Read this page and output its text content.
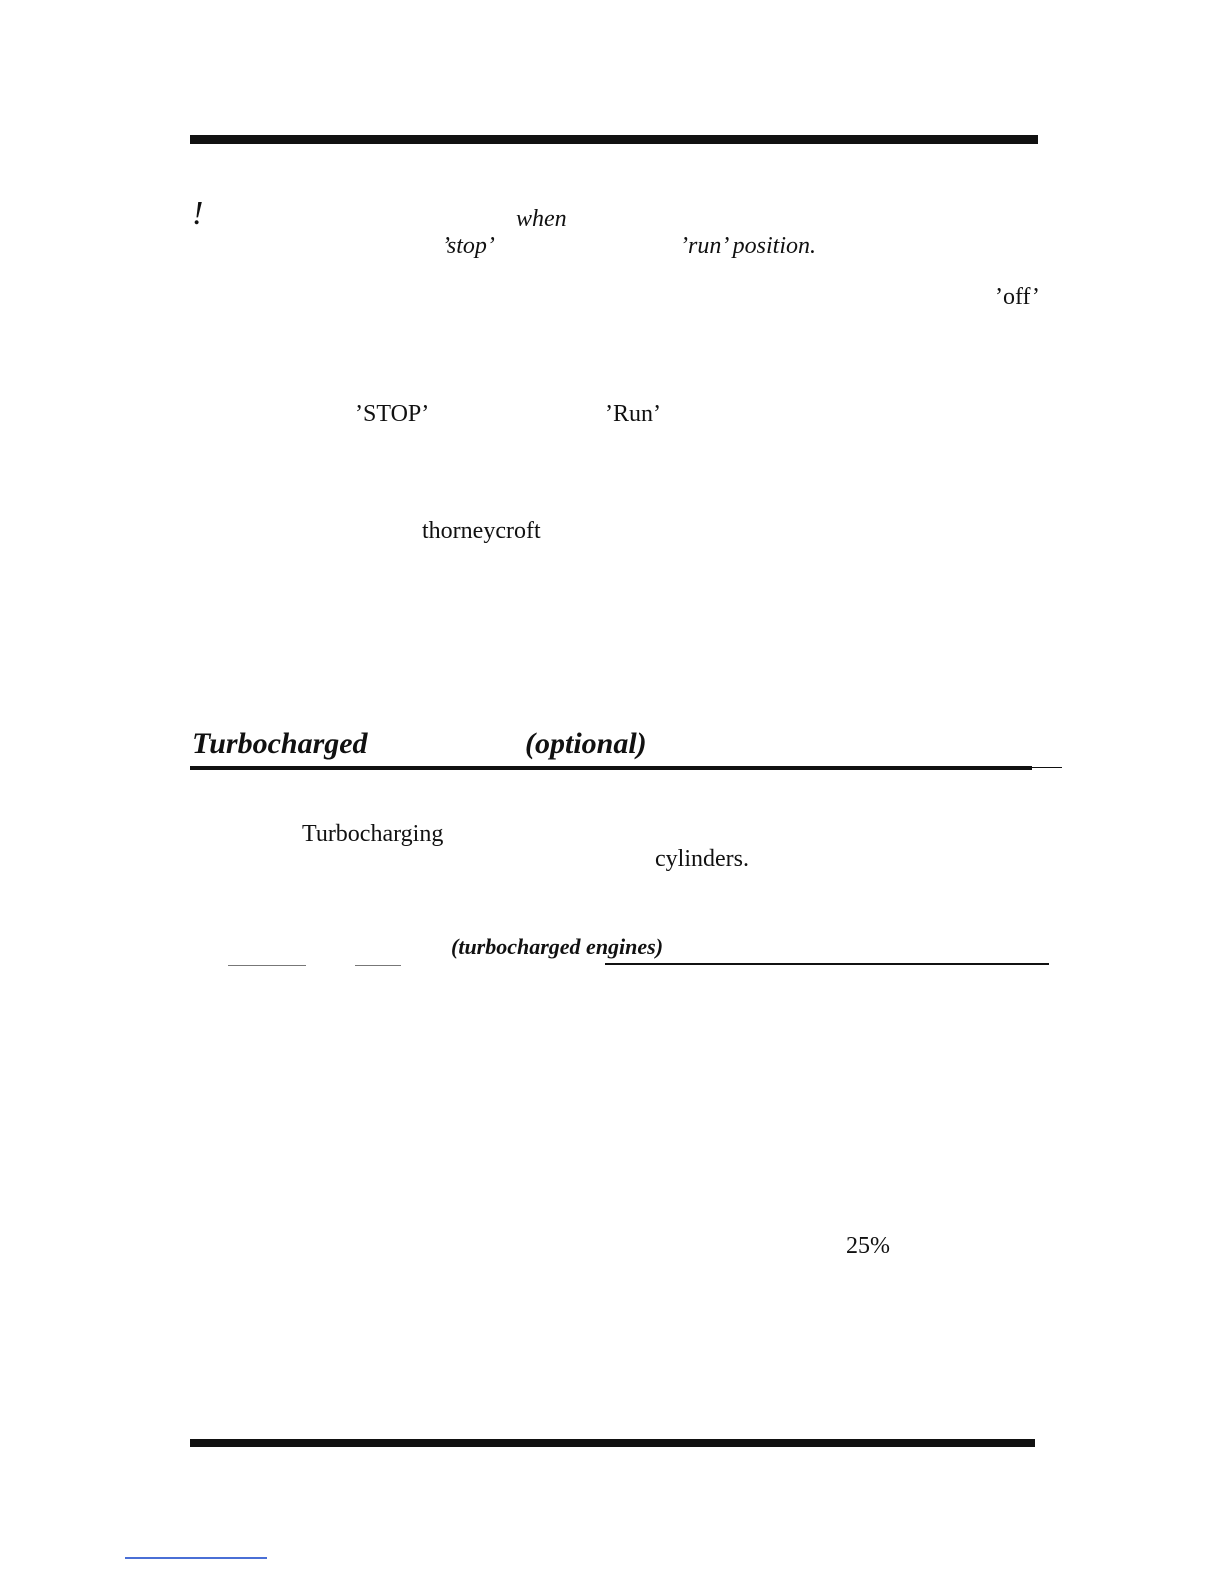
!	when
’stop’	’run’ position.
’off’
’STOP’	’Run’
thorneycroft
Turbocharged	(optional)
Turbocharging
cylinders.
(turbocharged engines)
25%
